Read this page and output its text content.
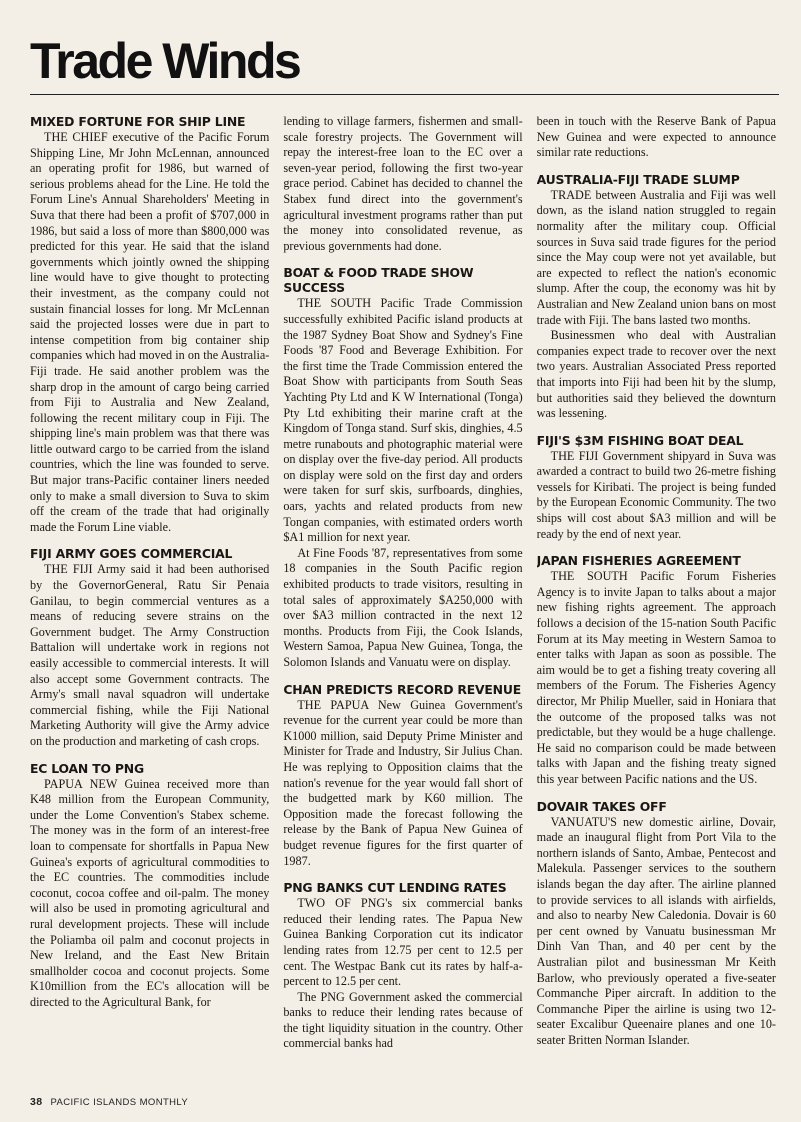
Trade Winds
MIXED FORTUNE FOR SHIP LINE

THE CHIEF executive of the Pacific Forum Shipping Line, Mr John McLennan, announced an operating profit for 1986, but warned of serious problems ahead for the Line. He told the Forum Line's Annual Shareholders' Meeting in Suva that there had been a profit of $707,000 in 1986, but said a loss of more than $800,000 was predicted for this year. He said that the island governments which jointly owned the shipping line would have to give thought to protecting their investment, as the company could not sustain financial losses for long. Mr McLennan said the projected losses were due in part to intense competition from big container ship companies which had moved in on the Australia-Fiji trade. He said another problem was the sharp drop in the amount of cargo being carried from Fiji to Australia and New Zealand, following the recent military coup in Fiji. The shipping line's main problem was that there was little outward cargo to be carried from the island countries, which the line was founded to serve. But major trans-Pacific container liners needed only to make a small diversion to Suva to skim off the cream of the trade that had originally made the Forum Line viable.

FIJI ARMY GOES COMMERCIAL

THE FIJI Army said it had been authorised by the GovernorGeneral, Ratu Sir Penaia Ganilau, to begin commercial ventures as a means of reducing severe strains on the Government budget. The Army Construction Battalion will undertake work in regions not easily accessible to commercial interests. It will also accept some Government contracts. The Army's small naval squadron will undertake commercial fishing, while the Fiji National Marketing Authority will give the Army advice on the production and marketing of cash crops.

EC LOAN TO PNG

PAPUA NEW Guinea received more than K48 million from the European Community, under the Lome Convention's Stabex scheme. The money was in the form of an interest-free loan to compensate for shortfalls in Papua New Guinea's exports of agricultural commodities to the EC countries. The commodities include coconut, cocoa coffee and oil-palm. The money will also be used in promoting agricultural and rural development projects. These will include the Poliamba oil palm and coconut projects in New Ireland, and the East New Britain smallholder cocoa and coconut projects. Some K10million from the EC's allocation will be directed to the Agricultural Bank, for

lending to village farmers, fishermen and small-scale forestry projects. The Government will repay the interest-free loan to the EC over a seven-year period, following the first two-year grace period. Cabinet has decided to channel the Stabex fund direct into the government's agricultural investment programs rather than put the money into consolidated revenue, as previous governments had done.

BOAT & FOOD TRADE SHOW SUCCESS

THE SOUTH Pacific Trade Commission successfully exhibited Pacific island products at the 1987 Sydney Boat Show and Sydney's Fine Foods '87 Food and Beverage Exhibition. For the first time the Trade Commission entered the Boat Show with participants from South Seas Yachting Pty Ltd and K W International (Tonga) Pty Ltd exhibiting their marine craft at the Kingdom of Tonga stand. Surf skis, dinghies, 4.5 metre runabouts and photographic material were on display over the five-day period. All products on display were sold on the first day and orders were taken for surf skis, surfboards, dinghies, oars, yachts and related products from new Tongan companies, with estimated orders worth $A1 million for next year.

At Fine Foods '87, representatives from some 18 companies in the South Pacific region exhibited products to trade visitors, resulting in total sales of approximately $A250,000 with over $A3 million contracted in the next 12 months. Products from Fiji, the Cook Islands, Western Samoa, Papua New Guinea, Tonga, the Solomon Islands and Vanuatu were on display.

CHAN PREDICTS RECORD REVENUE

THE PAPUA New Guinea Government's revenue for the current year could be more than K1000 million, said Deputy Prime Minister and Minister for Trade and Industry, Sir Julius Chan. He was replying to Opposition claims that the nation's revenue for the year would fall short of the budgetted mark by K60 million. The Opposition made the forecast following the release by the Bank of Papua New Guinea of budget revenue figures for the first quarter of 1987.

PNG BANKS CUT LENDING RATES

TWO OF PNG's six commercial banks reduced their lending rates. The Papua New Guinea Banking Corporation cut its indicator lending rates from 12.75 per cent to 12.5 per cent. The Westpac Bank cut its rates by half-a-percent to 12.5 per cent.

The PNG Government asked the commercial banks to reduce their lending rates because of the tight liquidity situation in the country. Other commercial banks had

been in touch with the Reserve Bank of Papua New Guinea and were expected to announce similar rate reductions.

AUSTRALIA-FIJI TRADE SLUMP

TRADE between Australia and Fiji was well down, as the island nation struggled to regain normality after the military coup. Official sources in Suva said trade figures for the period since the May coup were not yet available, but are expected to reflect the nation's economic slump. After the coup, the economy was hit by Australian and New Zealand union bans on most trade with Fiji. The bans lasted two months.

Businessmen who deal with Australian companies expect trade to recover over the next two years. Australian Associated Press reported that imports into Fiji had been hit by the slump, but authorities said they believed the downturn was lessening.

FIJI'S $3M FISHING BOAT DEAL

THE FIJI Government shipyard in Suva was awarded a contract to build two 26-metre fishing vessels for Kiribati. The project is being funded by the European Economic Community. The two ships will cost about $A3 million and will be ready by the end of next year.

JAPAN FISHERIES AGREEMENT

THE SOUTH Pacific Forum Fisheries Agency is to invite Japan to talks about a major new fishing rights agreement. The approach follows a decision of the 15-nation South Pacific Forum at its May meeting in Western Samoa to enter talks with Japan as soon as possible. The aim would be to get a fishing treaty covering all members of the Forum. The Fisheries Agency director, Mr Philip Mueller, said in Honiara that the outcome of the proposed talks was not predictable, but they would be a huge challenge. He said no comparison could be made between talks with Japan and the fishing treaty signed this year between Pacific nations and the US.

DOVAIR TAKES OFF

VANUATU'S new domestic airline, Dovair, made an inaugural flight from Port Vila to the northern islands of Santo, Ambae, Pentecost and Malekula. Passenger services to the southern islands began the day after. The airline planned to provide services to all islands with airfields, and also to nearby New Caledonia. Dovair is 60 per cent owned by Vanuatu businessman Mr Dinh Van Than, and 40 per cent by the Australian pilot and businessman Mr Keith Barlow, who previously operated a five-seater Commanche Piper aircraft. In addition to the Commanche Piper the airline is using two 12-seater Excalibur Queenaire planes and one 10-seater Britten Norman Islander.

38 PACIFIC ISLANDS MONTHLY
